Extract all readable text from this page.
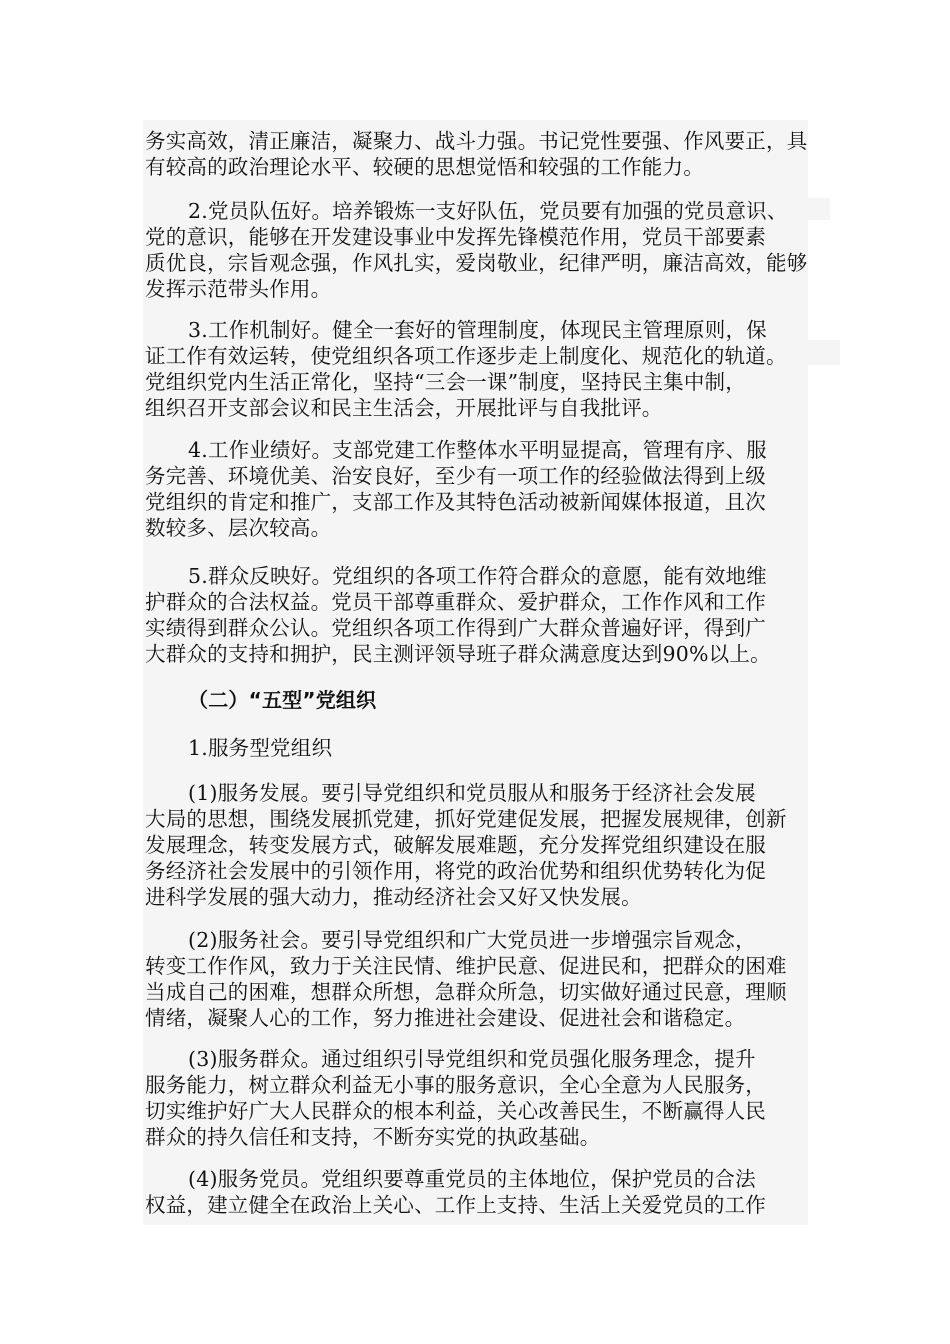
务实高效，清正廉洁，凝聚力、战斗力强。书记党性要强、作风要正，具
有较高的政治理论水平、较硬的思想觉悟和较强的工作能力。

2.党员队伍好。培养锻炼一支好队伍，党员要有加强的党员意识、
党的意识，能够在开发建设事业中发挥先锋模范作用，党员干部要素
质优良，宗旨观念强，作风扎实，爱岗敬业，纪律严明，廉洁高效，能够
发挥示范带头作用。

3.工作机制好。健全一套好的管理制度，体现民主管理原则，保
证工作有效运转，使党组织各项工作逐步走上制度化、规范化的轨道。
党组织党内生活正常化，坚持“三会一课”制度，坚持民主集中制，
组织召开支部会议和民主生活会，开展批评与自我批评。

4.工作业绩好。支部党建工作整体水平明显提高，管理有序、服
务完善、环境优美、治安良好，至少有一项工作的经验做法得到上级
党组织的肯定和推广，支部工作及其特色活动被新闻媒体报道，且次
数较多、层次较高。

5.群众反映好。党组织的各项工作符合群众的意愿，能有效地维
护群众的合法权益。党员干部尊重群众、爱护群众，工作作风和工作
实绩得到群众公认。党组织各项工作得到广大群众普遍好评，得到广
大群众的支持和拥护，民主测评领导班子群众满意度达到90%以上。

（二）“五型”党组织

1.服务型党组织

(1)服务发展。要引导党组织和党员服从和服务于经济社会发展
大局的思想，围绕发展抓党建，抓好党建促发展，把握发展规律，创新
发展理念，转变发展方式，破解发展难题，充分发挥党组织建设在服
务经济社会发展中的引领作用，将党的政治优势和组织优势转化为促
进科学发展的强大动力，推动经济社会又好又快发展。

(2)服务社会。要引导党组织和广大党员进一步增强宗旨观念，
转变工作作风，致力于关注民情、维护民意、促进民和，把群众的困难
当成自己的困难，想群众所想，急群众所急，切实做好通过民意，理顺
情绪，凝聚人心的工作，努力推进社会建设、促进社会和谐稳定。

(3)服务群众。通过组织引导党组织和党员强化服务理念，提升
服务能力，树立群众利益无小事的服务意识，全心全意为人民服务，
切实维护好广大人民群众的根本利益，关心改善民生，不断赢得人民
群众的持久信任和支持，不断夯实党的执政基础。

(4)服务党员。党组织要尊重党员的主体地位，保护党员的合法
权益，建立健全在政治上关心、工作上支持、生活上关爱党员的工作
